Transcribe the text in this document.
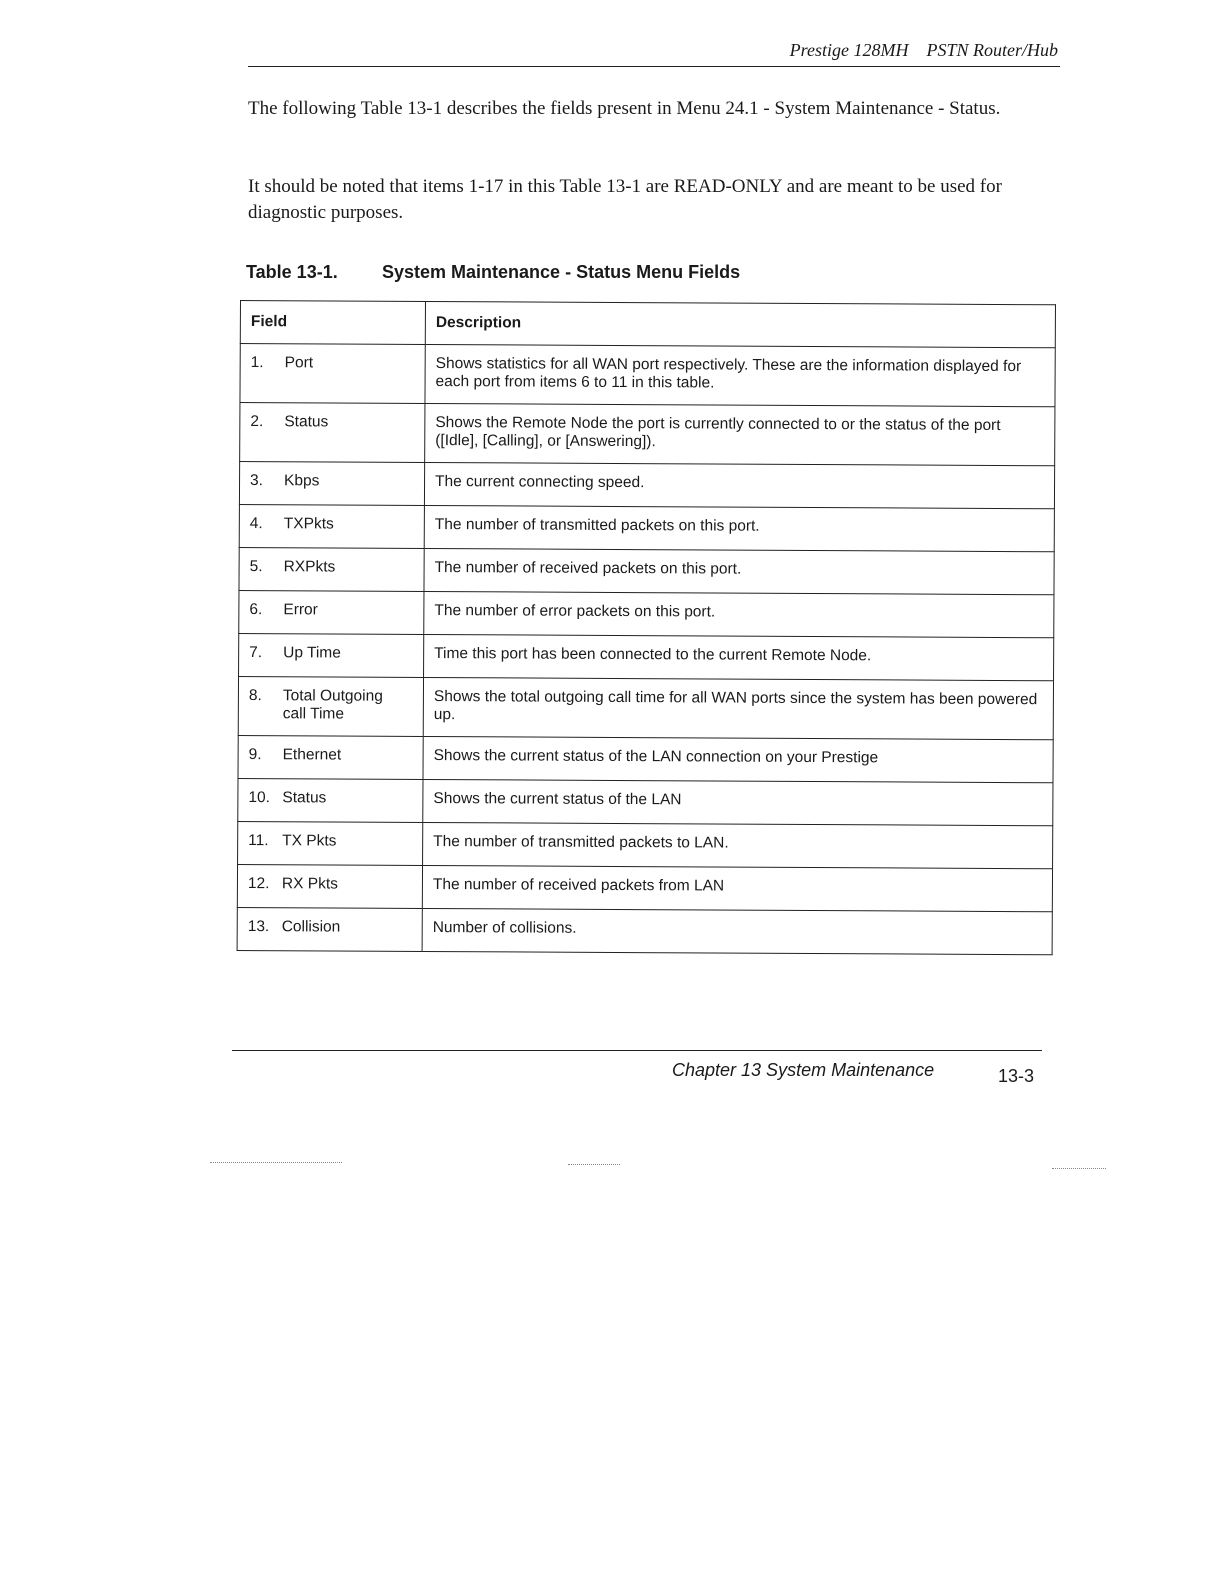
Prestige 128MH PSTN Router/Hub

The following Table 13-1 describes the fields present in Menu 24.1 - System Maintenance - Status.

It should be noted that items 1-17 in this Table 13-1 are READ-ONLY and are meant to be used for diagnostic purposes.

Table 13-1. System Maintenance - Status Menu Fields
Field	Description
1. Port	Shows statistics for all WAN port respectively. These are the information displayed for each port from items 6 to 11 in this table.
2. Status	Shows the Remote Node the port is currently connected to or the status of the port ([Idle], [Calling], or [Answering]).
3. Kbps	The current connecting speed.
4. TXPkts	The number of transmitted packets on this port.
5. RXPkts	The number of received packets on this port.
6. Error	The number of error packets on this port.
7. Up Time	Time this port has been connected to the current Remote Node.
8. Total Outgoing call Time	Shows the total outgoing call time for all WAN ports since the system has been powered up.
9. Ethernet	Shows the current status of the LAN connection on your Prestige
10. Status	Shows the current status of the LAN
11. TX Pkts	The number of transmitted packets to LAN.
12. RX Pkts	The number of received packets from LAN
13. Collision	Number of collisions.
Chapter 13 System Maintenance	13-3
